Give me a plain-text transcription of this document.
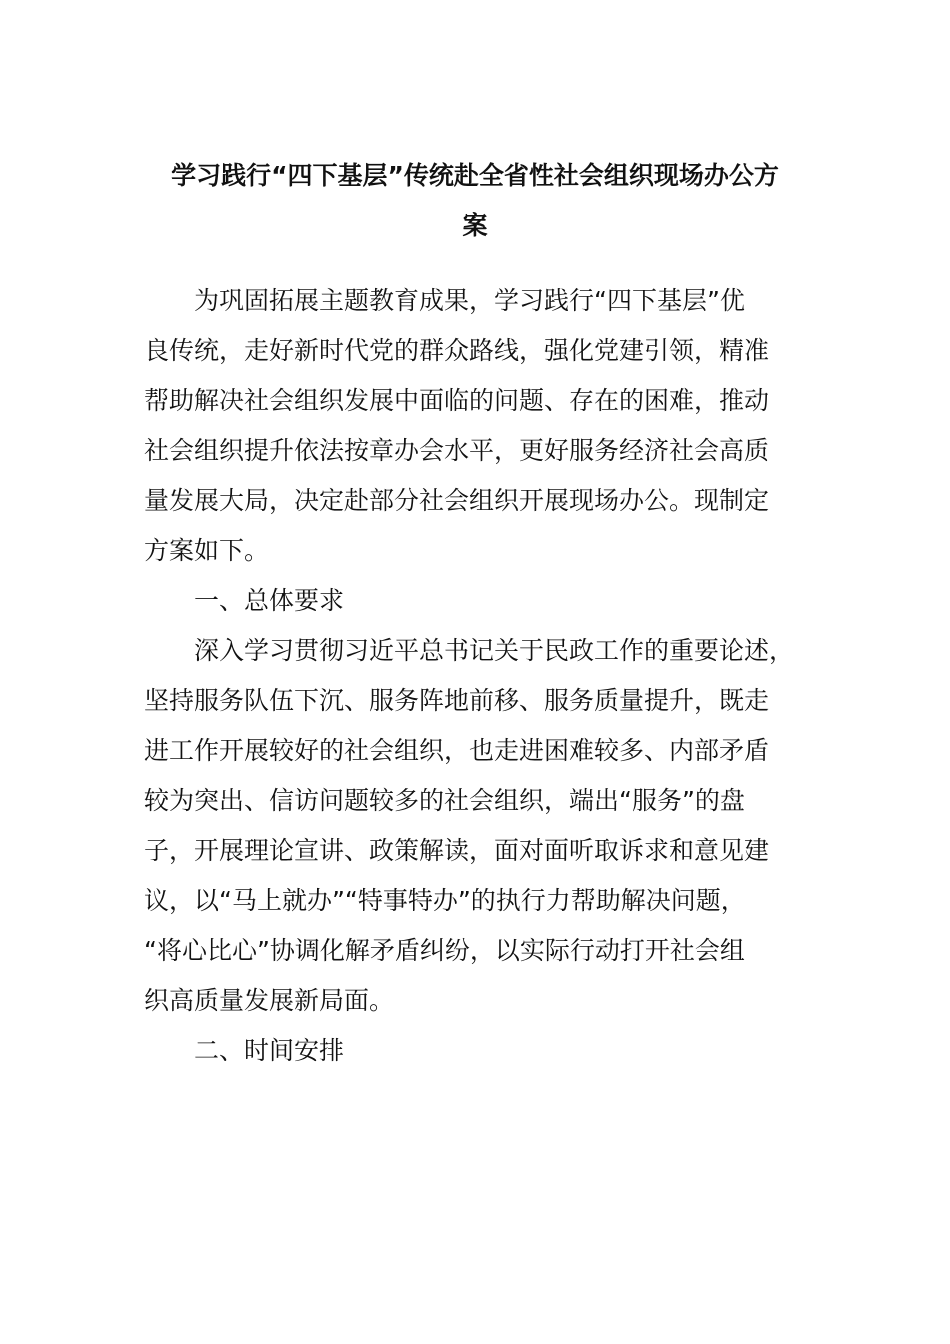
学习践行“四下基层”传统赴全省性社会组织现场办公方
案

为巩固拓展主题教育成果，学习践行“四下基层”优

良传统，走好新时代党的群众路线，强化党建引领，精准

帮助解决社会组织发展中面临的问题、存在的困难，推动

社会组织提升依法按章办会水平，更好服务经济社会高质

量发展大局，决定赴部分社会组织开展现场办公。现制定

方案如下。

一、总体要求

深入学习贯彻习近平总书记关于民政工作的重要论述，

坚持服务队伍下沉、服务阵地前移、服务质量提升，既走

进工作开展较好的社会组织，也走进困难较多、内部矛盾

较为突出、信访问题较多的社会组织，端出“服务”的盘

子，开展理论宣讲、政策解读，面对面听取诉求和意见建

议，以“马上就办”“特事特办”的执行力帮助解决问题，

“将心比心”协调化解矛盾纠纷，以实际行动打开社会组

织高质量发展新局面。

二、时间安排
